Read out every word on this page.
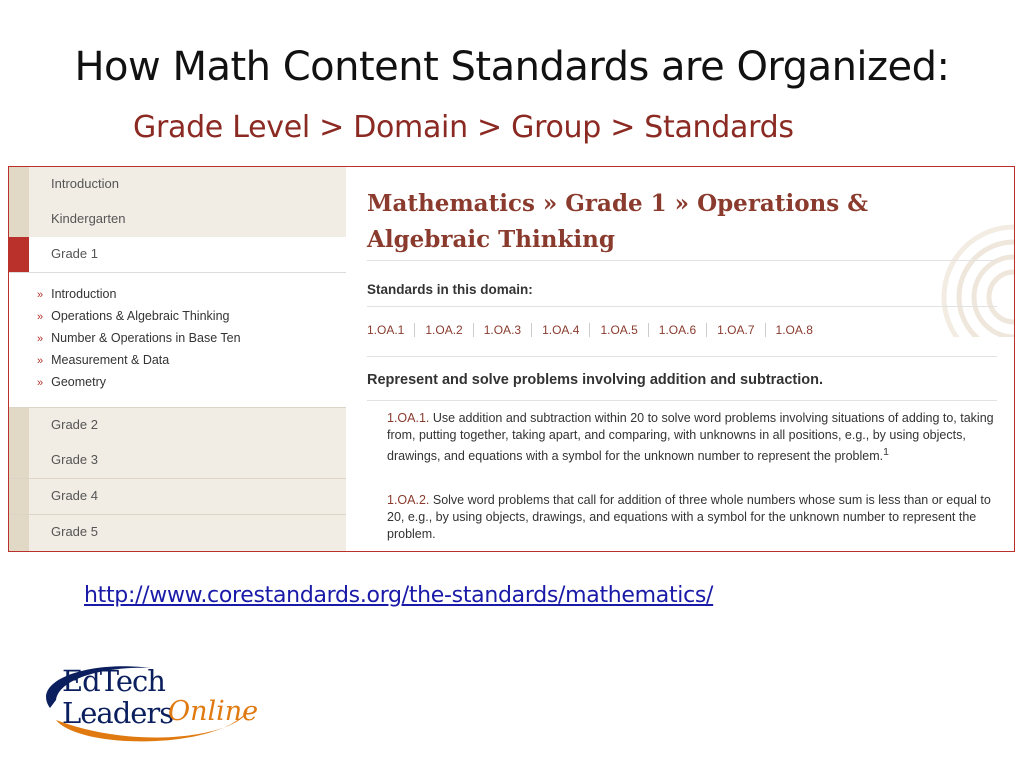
How Math Content Standards are Organized:
Grade Level > Domain > Group > Standards
Introduction
Kindergarten
Grade 1
» Introduction
» Operations & Algebraic Thinking
» Number & Operations in Base Ten
» Measurement & Data
» Geometry
Grade 2
Grade 3
Grade 4
Grade 5
Mathematics » Grade 1 » Operations &
Algebraic Thinking
Standards in this domain:
1.OA.1 1.OA.2 1.OA.3 1.OA.4 1.OA.5 1.OA.6 1.OA.7 1.OA.8
Represent and solve problems involving addition and subtraction.
1.OA.1. Use addition and subtraction within 20 to solve word problems involving situations of adding to, taking from, putting together, taking apart, and comparing, with unknowns in all positions, e.g., by using objects, drawings, and equations with a symbol for the unknown number to represent the problem.$^1$
1.OA.2. Solve word problems that call for addition of three whole numbers whose sum is less than or equal to 20, e.g., by using objects, drawings, and equations with a symbol for the unknown number to represent the problem.
http://www.corestandards.org/the-standards/mathematics/
EdTech
Leaders
Online
